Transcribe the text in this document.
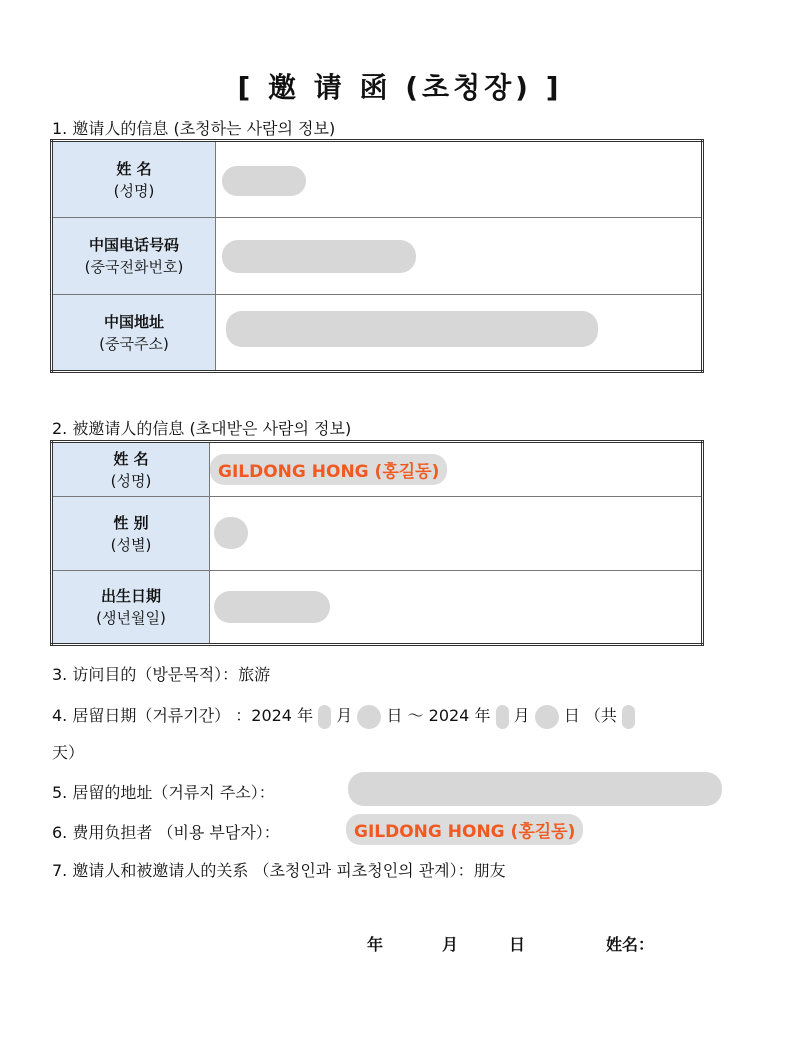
[ 邀 请 函 (초청장) ]
1. 邀请人的信息 (초청하는 사람의 정보)
姓 名
(성명)	

中国电话号码
(중국전화번호)	

中国地址
(중국주소)	

2. 被邀请人的信息 (초대받은 사람의 정보)
姓 名
(성명)	GILDONG HONG (홍길동)

性 别
(성별)	

出生日期
(생년월일)	

3. 访问目的（방문목적）：旅游
4. 居留日期（거류기간） ：2024 年 月 日 ～ 2024 年 月 日 （共
天）
5. 居留的地址（거류지 주소）：
6. 费用负担者 （비용 부담자）：	GILDONG HONG (홍길동)
7. 邀请人和被邀请人的关系 （초청인과 피초청인의 관계）：朋友
年	月	日	姓名：
